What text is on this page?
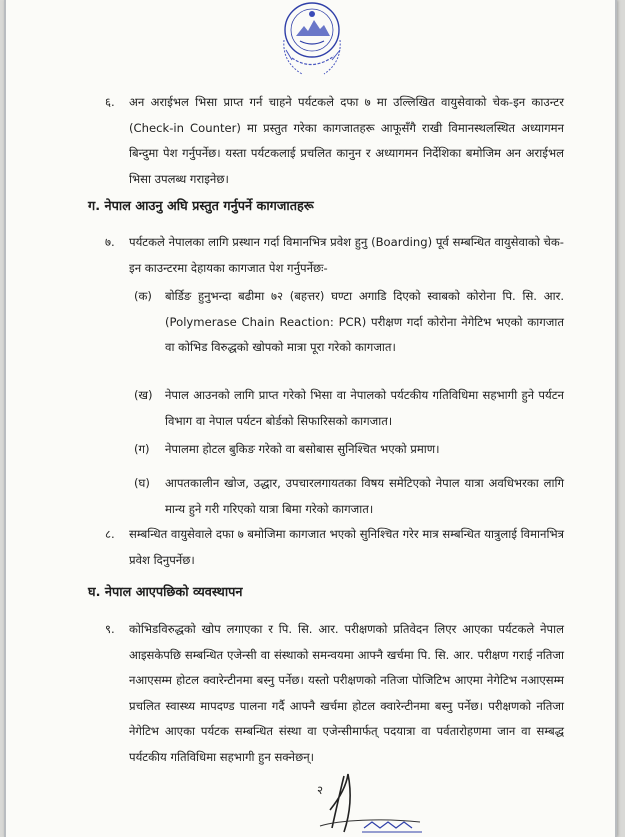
६. अन अराईभल भिसा प्राप्त गर्न चाहने पर्यटकले दफा ७ मा उल्लिखित वायुसेवाको चेक-इन काउन्टर (Check-in Counter) मा प्रस्तुत गरेका कागजातहरू आफूसँगै राखी विमानस्थलस्थित अध्यागमन बिन्दुमा पेश गर्नुपर्नेछ। यस्ता पर्यटकलाई प्रचलित कानुन र अध्यागमन निर्देशिका बमोजिम अन अराईभल भिसा उपलब्ध गराइनेछ।
ग. नेपाल आउनु अघि प्रस्तुत गर्नुपर्ने कागजातहरू
७. पर्यटकले नेपालका लागि प्रस्थान गर्दा विमानभित्र प्रवेश हुनु (Boarding) पूर्व सम्बन्धित वायुसेवाको चेक-इन काउन्टरमा देहायका कागजात पेश गर्नुपर्नेछः-
(क) बोर्डिङ हुनुभन्दा बढीमा ७२ (बहत्तर) घण्टा अगाडि दिएको स्वाबको कोरोना पि. सि. आर. (Polymerase Chain Reaction: PCR) परीक्षण गर्दा कोरोना नेगेटिभ भएको कागजात वा कोभिड विरुद्धको खोपको मात्रा पूरा गरेको कागजात।
(ख) नेपाल आउनको लागि प्राप्त गरेको भिसा वा नेपालको पर्यटकीय गतिविधिमा सहभागी हुने पर्यटन विभाग वा नेपाल पर्यटन बोर्डको सिफारिसको कागजात।
(ग) नेपालमा होटल बुकिङ गरेको वा बसोबास सुनिश्चित भएको प्रमाण।
(घ) आपतकालीन खोज, उद्धार, उपचारलगायतका विषय समेटिएको नेपाल यात्रा अवधिभरका लागि मान्य हुने गरी गरिएको यात्रा बिमा गरेको कागजात।
८. सम्बन्धित वायुसेवाले दफा ७ बमोजिमा कागजात भएको सुनिश्चित गरेर मात्र सम्बन्धित यात्रुलाई विमानभित्र प्रवेश दिनुपर्नेछ।
घ. नेपाल आएपछिको व्यवस्थापन
९. कोभिडविरुद्धको खोप लगाएका र पि. सि. आर. परीक्षणको प्रतिवेदन लिएर आएका पर्यटकले नेपाल आइसकेपछि सम्बन्धित एजेन्सी वा संस्थाको समन्वयमा आफ्नै खर्चमा पि. सि. आर. परीक्षण गराई नतिजा नआएसम्म होटल क्वारेन्टीनमा बस्नु पर्नेछ। यस्तो परीक्षणको नतिजा पोजिटिभ आएमा नेगेटिभ नआएसम्म प्रचलित स्वास्थ्य मापदण्ड पालना गर्दै आफ्नै खर्चमा होटल क्वारेन्टीनमा बस्नु पर्नेछ। परीक्षणको नतिजा नेगेटिभ आएका पर्यटक सम्बन्धित संस्था वा एजेन्सीमार्फत् पदयात्रा वा पर्वतारोहणमा जान वा सम्बद्ध पर्यटकीय गतिविधिमा सहभागी हुन सक्नेछन्।
२
